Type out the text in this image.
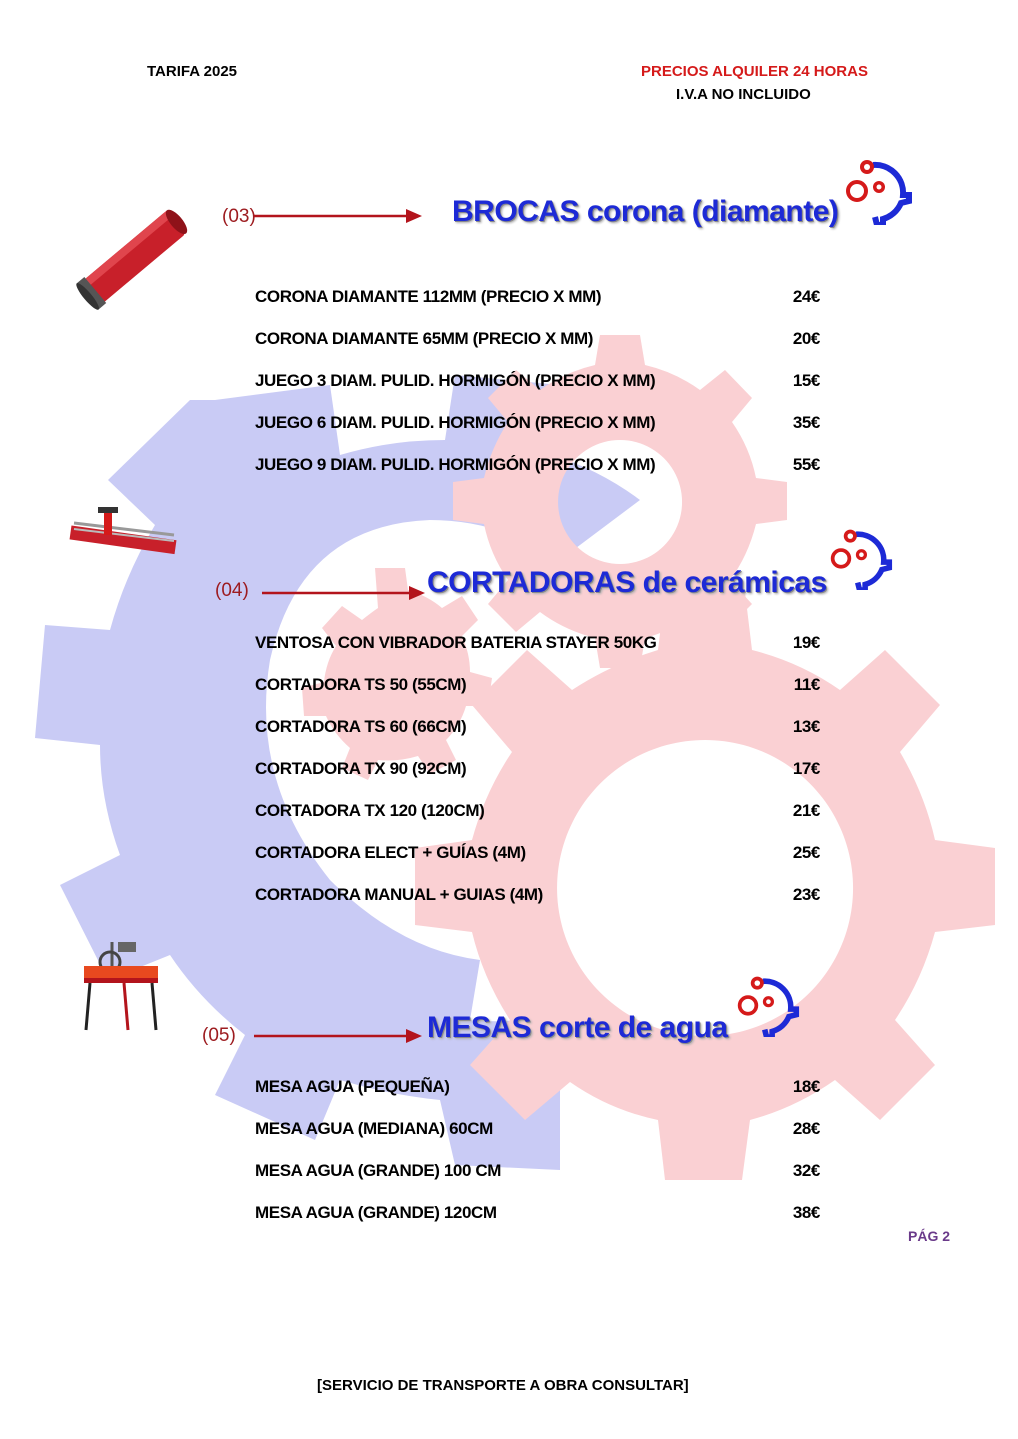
TARIFA 2025	PRECIOS ALQUILER 24 HORAS
I.V.A NO INCLUIDO
(03)	BROCAS corona (diamante)
CORONA DIAMANTE 112MM (PRECIO X MM)	24€
CORONA DIAMANTE 65MM (PRECIO X MM)	20€
JUEGO 3 DIAM. PULID. HORMIGÓN (PRECIO X MM)	15€
JUEGO 6 DIAM. PULID. HORMIGÓN (PRECIO X MM)	35€
JUEGO 9 DIAM. PULID. HORMIGÓN (PRECIO X MM)	55€
(04)	CORTADORAS de cerámicas
VENTOSA CON VIBRADOR BATERIA STAYER 50KG	19€
CORTADORA TS 50 (55CM)	11€
CORTADORA TS 60 (66CM)	13€
CORTADORA TX 90 (92CM)	17€
CORTADORA TX 120 (120CM)	21€
CORTADORA ELECT + GUÍAS (4M)	25€
CORTADORA MANUAL + GUIAS (4M)	23€
(05)	MESAS corte de agua
MESA AGUA (PEQUEÑA)	18€
MESA AGUA (MEDIANA) 60CM	28€
MESA AGUA (GRANDE) 100 CM	32€
MESA AGUA (GRANDE) 120CM	38€
PÁG 2
[SERVICIO DE TRANSPORTE A OBRA CONSULTAR]
